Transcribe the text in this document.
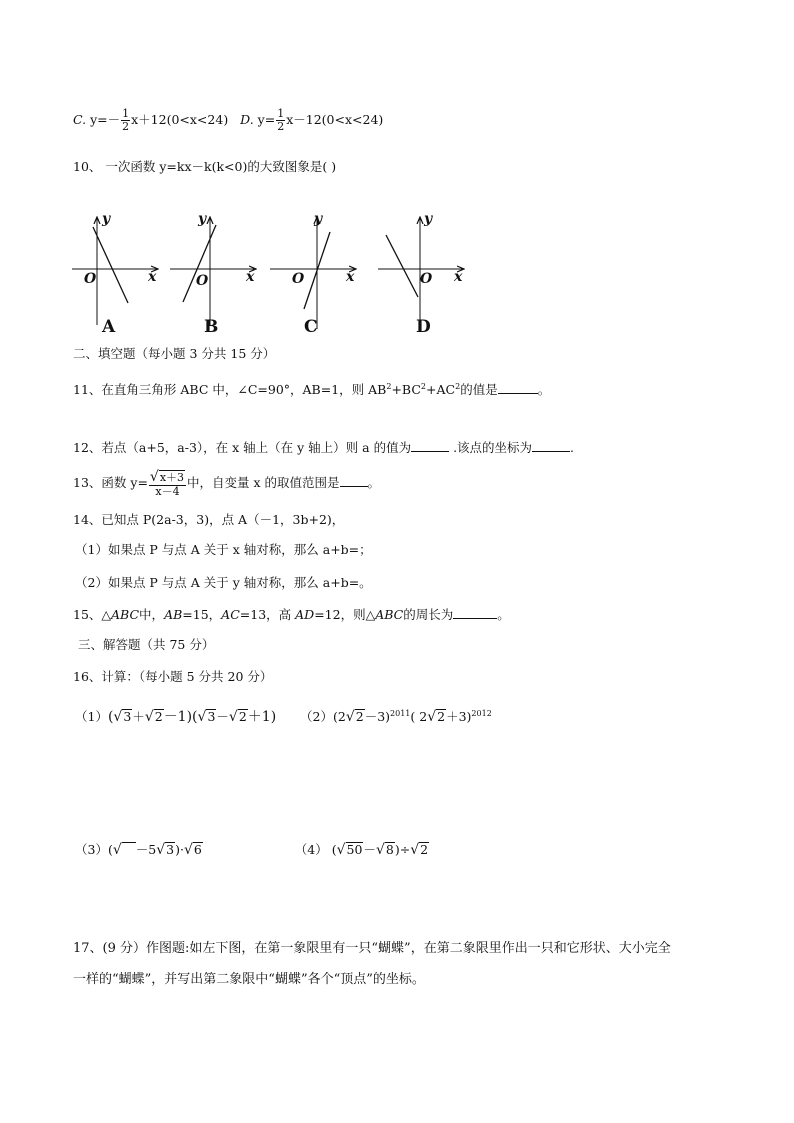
C. $y=- \frac{1}{2} x+12(0<x<24)$ D. $y= \frac{1}{2} x-12(0<x<24)$
10、 一次函数 y=kx－k(k<0)的大致图象是( )
y
O	x
A
y
O	x
B
y
O	x
C
y
O x
D
二、填空题（每小题 3 分共 15 分）
11、在直角三角形 ABC 中，∠C=90°，AB=1，则 $AB^2+BC^2+AC^2$的值是	。
12、若点（a+5，a-3），在 x 轴上（在 y 轴上）则 a 的值为	.该点的坐标为	.
13、函数 $y= \frac{√x+3}{x-4}$ 中，自变量 x 的取值范围是 。
14、已知点 P(2a-3，3)，点 A（－1，3b+2)，
（1）如果点 P 与点 A 关于 x 轴对称，那么 a+b=；
（2）如果点 P 与点 A 关于 y 轴对称，那么 a+b=。
15、△ABC中，AB=15，AC=13，高 AD=12，则△ABC的周长为	。
三、解答题（共 75 分）
16、计算：（每小题 5 分共 20 分）
（1）(√3＋√2－1)(√3－√2＋1) $(2)(2√2-3)^{2011}$( 2√2＋3)$^{2012}$
（3）(√ －5√3)·√6	（4） (√50－√8)÷√2
17、(9 分）作图题:如左下图，在第一象限里有一只“蝴蝶”，在第二象限里作出一只和它形状、大小完全
一样的“蝴蝶”，并写出第二象限中“蝴蝶”各个“顶点”的坐标。
